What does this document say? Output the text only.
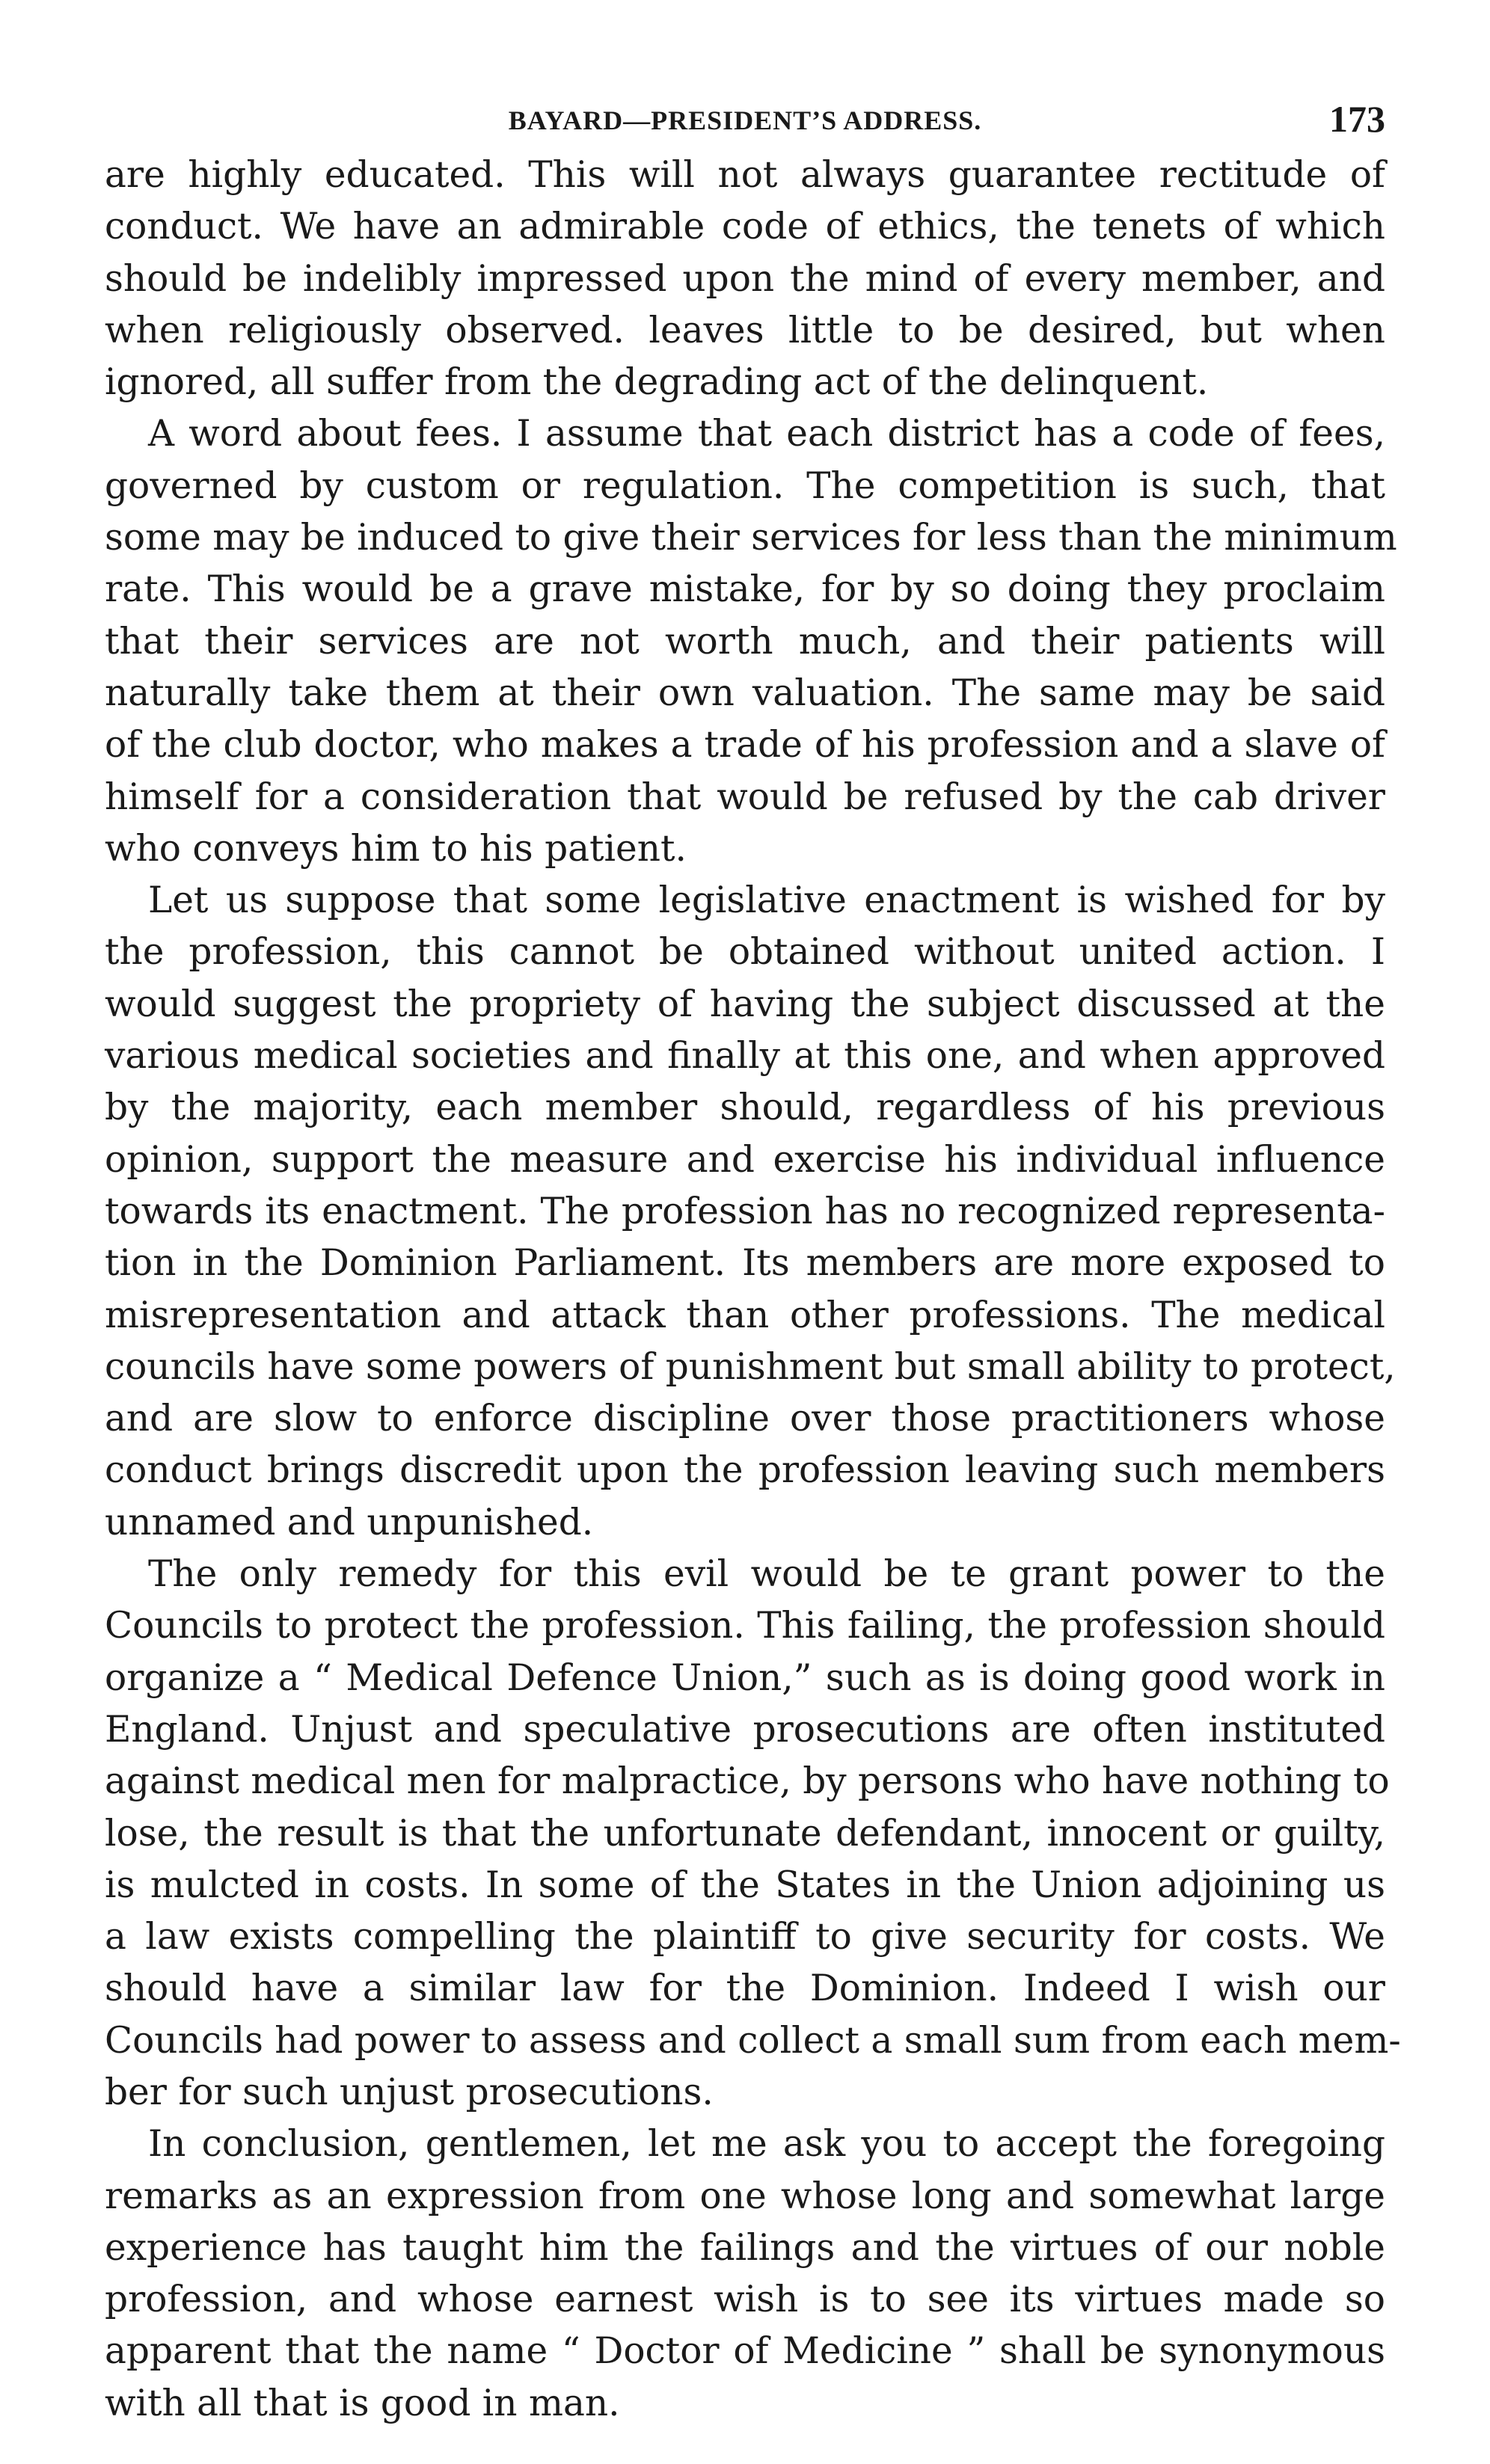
BAYARD—PRESIDENT’S ADDRESS.	173

are highly educated. This will not always guarantee rectitude of
conduct. We have an admirable code of ethics, the tenets of which
should be indelibly impressed upon the mind of every member, and
when religiously observed. leaves little to be desired, but when
ignored, all suffer from the degrading act of the delinquent.

A word about fees. I assume that each district has a code of fees,
governed by custom or regulation. The competition is such, that
some may be induced to give their services for less than the minimum
rate. This would be a grave mistake, for by so doing they proclaim
that their services are not worth much, and their patients will
naturally take them at their own valuation. The same may be said
of the club doctor, who makes a trade of his profession and a slave of
himself for a consideration that would be refused by the cab driver
who conveys him to his patient.

Let us suppose that some legislative enactment is wished for by
the profession, this cannot be obtained without united action. I
would suggest the propriety of having the subject discussed at the
various medical societies and finally at this one, and when approved
by the majority, each member should, regardless of his previous
opinion, support the measure and exercise his individual influence
towards its enactment. The profession has no recognized representa-
tion in the Dominion Parliament. Its members are more exposed to
misrepresentation and attack than other professions. The medical
councils have some powers of punishment but small ability to protect,
and are slow to enforce discipline over those practitioners whose
conduct brings discredit upon the profession leaving such members
unnamed and unpunished.

The only remedy for this evil would be te grant power to the
Councils to protect the profession. This failing, the profession should
organize a “ Medical Defence Union,” such as is doing good work in
England. Unjust and speculative prosecutions are often instituted
against medical men for malpractice, by persons who have nothing to
lose, the result is that the unfortunate defendant, innocent or guilty,
is mulcted in costs. In some of the States in the Union adjoining us
a law exists compelling the plaintiff to give security for costs. We
should have a similar law for the Dominion. Indeed I wish our
Councils had power to assess and collect a small sum from each mem-
ber for such unjust prosecutions.

In conclusion, gentlemen, let me ask you to accept the foregoing
remarks as an expression from one whose long and somewhat large
experience has taught him the failings and the virtues of our noble
profession, and whose earnest wish is to see its virtues made so
apparent that the name “ Doctor of Medicine ” shall be synonymous
with all that is good in man.
